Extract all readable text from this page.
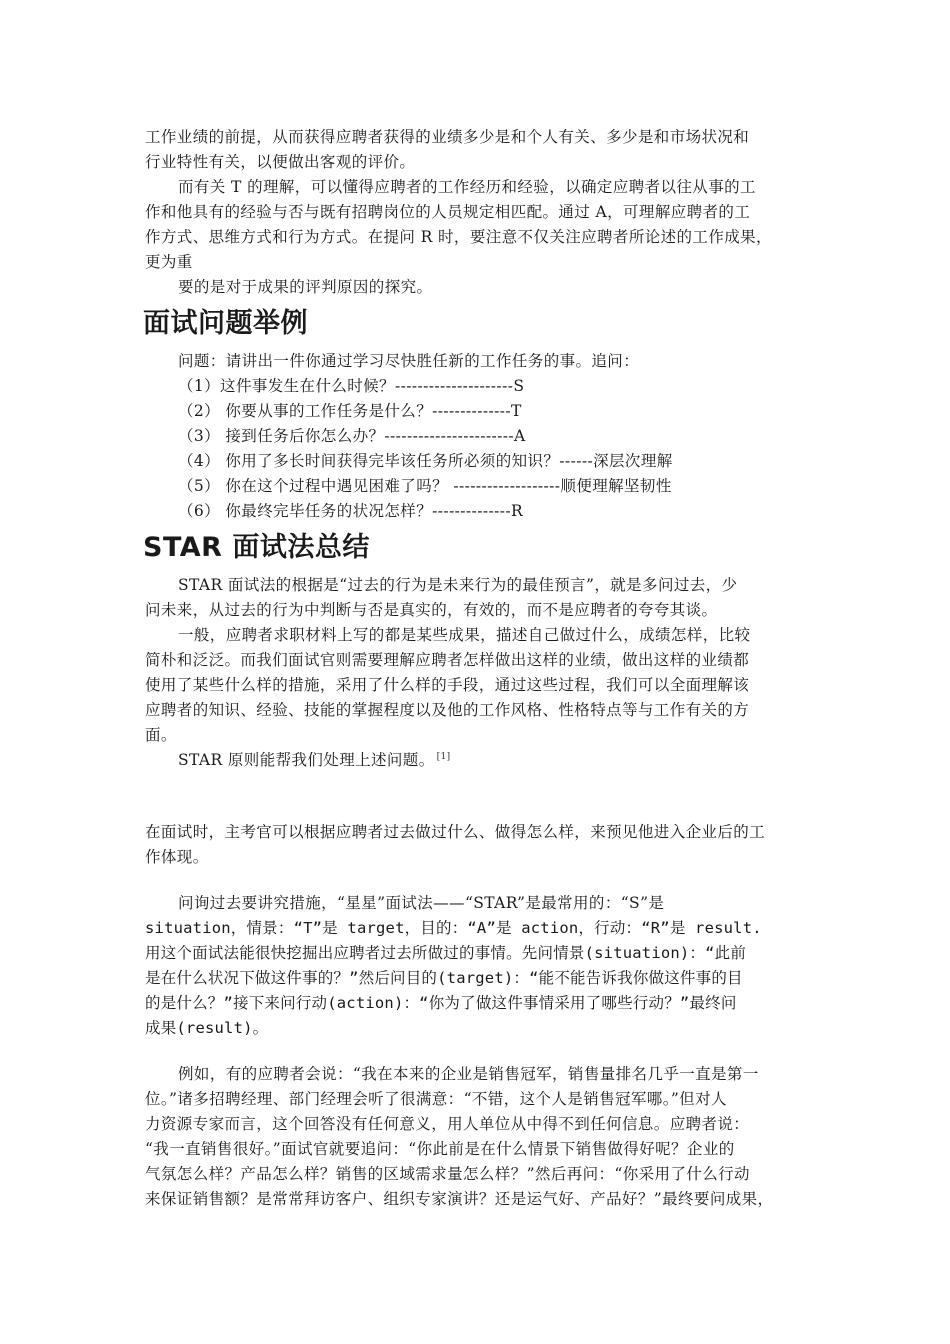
工作业绩的前提，从而获得应聘者获得的业绩多少是和个人有关、多少是和市场状况和
行业特性有关，以便做出客观的评价。
而有关 T 的理解，可以懂得应聘者的工作经历和经验，以确定应聘者以往从事的工
作和他具有的经验与否与既有招聘岗位的人员规定相匹配。通过 A，可理解应聘者的工
作方式、思维方式和行为方式。在提问 R 时，要注意不仅关注应聘者所论述的工作成果，
更为重
要的是对于成果的评判原因的探究。
面试问题举例
问题：请讲出一件你通过学习尽快胜任新的工作任务的事。追问：
（1）这件事发生在什么时候？---------------------S
（2） 你要从事的工作任务是什么？--------------T
（3） 接到任务后你怎么办？-----------------------A
（4） 你用了多长时间获得完毕该任务所必须的知识？------深层次理解
（5） 你在这个过程中遇见困难了吗？ -------------------顺便理解坚韧性
（6） 你最终完毕任务的状况怎样？--------------R
STAR 面试法总结
STAR 面试法的根据是“过去的行为是未来行为的最佳预言”，就是多问过去，少
问未来，从过去的行为中判断与否是真实的，有效的，而不是应聘者的夸夸其谈。
一般，应聘者求职材料上写的都是某些成果，描述自己做过什么，成绩怎样，比较
简朴和泛泛。而我们面试官则需要理解应聘者怎样做出这样的业绩，做出这样的业绩都
使用了某些什么样的措施，采用了什么样的手段，通过这些过程，我们可以全面理解该
应聘者的知识、经验、技能的掌握程度以及他的工作风格、性格特点等与工作有关的方
面。
STAR 原则能帮我们处理上述问题。 [1]
在面试时，主考官可以根据应聘者过去做过什么、做得怎么样，来预见他进入企业后的工
作体现。
问询过去要讲究措施，“星星”面试法——“STAR”是最常用的：“S”是
situation，情景：“T”是 target，目的：“A”是 action，行动：“R”是 result.
用这个面试法能很快挖掘出应聘者过去所做过的事情。先问情景(situation)：“此前
是在什么状况下做这件事的？”然后问目的(target)：“能不能告诉我你做这件事的目
的是什么？”接下来问行动(action)：“你为了做这件事情采用了哪些行动？”最终问
成果(result)。
例如，有的应聘者会说：“我在本来的企业是销售冠军，销售量排名几乎一直是第一
位。”诸多招聘经理、部门经理会听了很满意：“不错，这个人是销售冠军哪。”但对人
力资源专家而言，这个回答没有任何意义，用人单位从中得不到任何信息。应聘者说：
“我一直销售很好。”面试官就要追问：“你此前是在什么情景下销售做得好呢？企业的
气氛怎么样？产品怎么样？销售的区域需求量怎么样？”然后再问：“你采用了什么行动
来保证销售额？是常常拜访客户、组织专家演讲？还是运气好、产品好？”最终要问成果，
